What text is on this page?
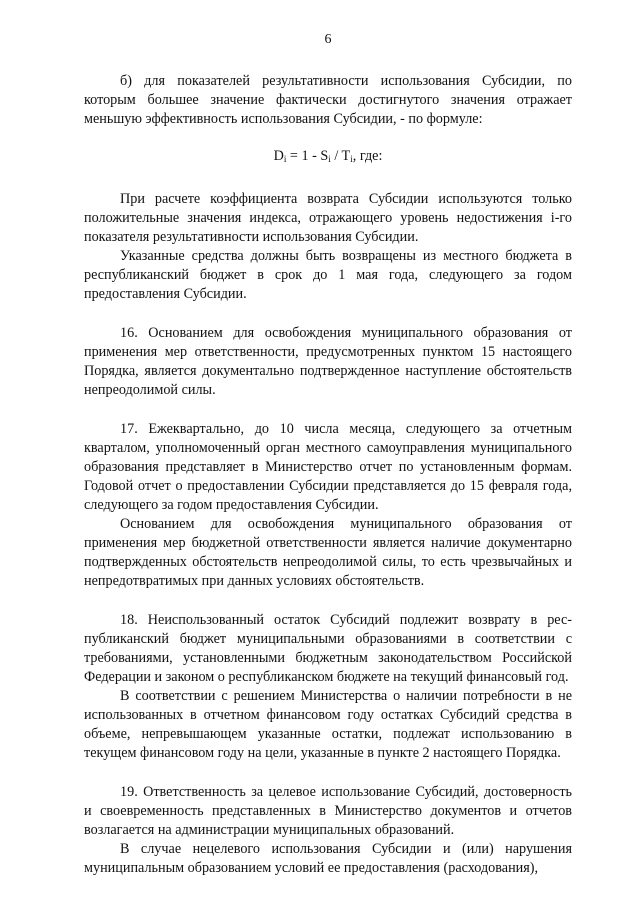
6

б) для показателей результативности использования Субсидии, по которым большее значение фактически достигнутого значения отражает меньшую эффективность использования Субсидии, - по формуле:

$D_i = 1 - S_i / T_i$, где:

При расчете коэффициента возврата Субсидии используются только положительные значения индекса, отражающего уровень недостижения i-го показателя результативности использования Субсидии.

Указанные средства должны быть возвращены из местного бюджета в республиканский бюджет в срок до 1 мая года, следующего за годом предоставления Субсидии.

16. Основанием для освобождения муниципального образования от применения мер ответственности, предусмотренных пунктом 15 настоящего Порядка, является документально подтвержденное наступление обстоятельств непреодолимой силы.

17. Ежеквартально, до 10 числа месяца, следующего за отчетным кварталом, уполномоченный орган местного самоуправления муниципального образования представляет в Министерство отчет по установленным формам. Годовой отчет о предоставлении Субсидии представляется до 15 февраля года, следующего за годом предоставления Субсидии.

Основанием для освобождения муниципального образования от применения мер бюджетной ответственности является наличие документарно подтвержденных обстоятельств непреодолимой силы, то есть чрезвычайных и непредотвратимых при данных условиях обстоятельств.

18. Неиспользованный остаток Субсидий подлежит возврату в республиканский бюджет муниципальными образованиями в соответствии с требованиями, установленными бюджетным законодательством Российской Федерации и законом о республиканском бюджете на текущий финансовый год.

В соответствии с решением Министерства о наличии потребности в не использованных в отчетном финансовом году остатках Субсидий средства в объеме, непревышающем указанные остатки, подлежат использованию в текущем финансовом году на цели, указанные в пункте 2 настоящего Порядка.

19. Ответственность за целевое использование Субсидий, достоверность и своевременность представленных в Министерство документов и отчетов возлагается на администрации муниципальных образований.

В случае нецелевого использования Субсидии и (или) нарушения муниципальным образованием условий ее предоставления (расходования),
